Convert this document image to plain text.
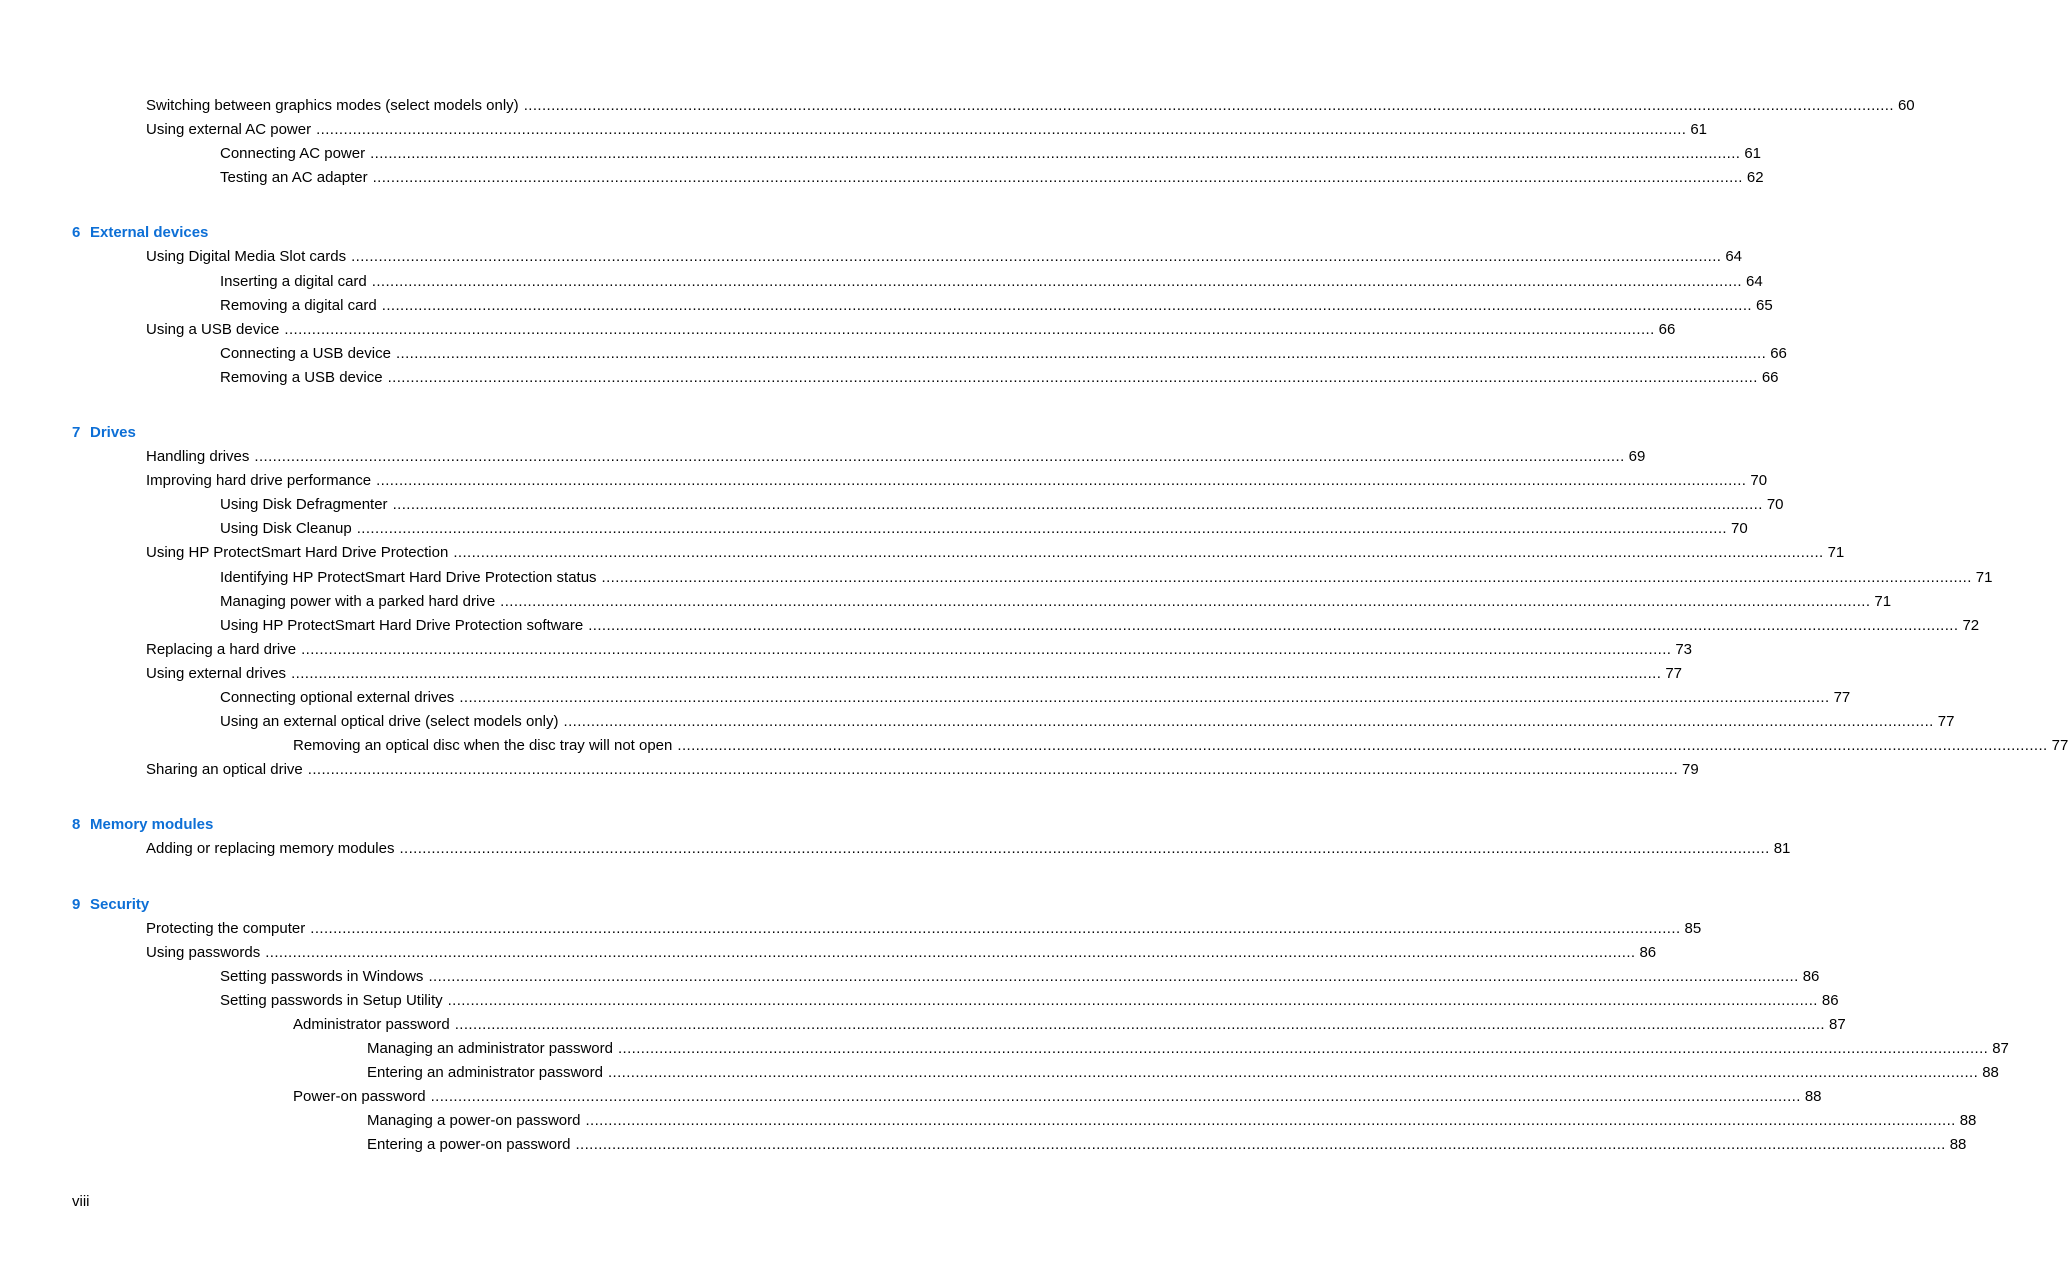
Switching between graphics modes (select models only) ............................................................................................................................................................................................................................................................................................................ 60
Using external AC power ............................................................................................................................................................................................................................................................................................................ 61
Connecting AC power ............................................................................................................................................................................................................................................................................................................ 61
Testing an AC adapter ............................................................................................................................................................................................................................................................................................................ 62
6 External devices
Using Digital Media Slot cards ............................................................................................................................................................................................................................................................................................................ 64
Inserting a digital card ............................................................................................................................................................................................................................................................................................................ 64
Removing a digital card ............................................................................................................................................................................................................................................................................................................ 65
Using a USB device ............................................................................................................................................................................................................................................................................................................ 66
Connecting a USB device ............................................................................................................................................................................................................................................................................................................ 66
Removing a USB device ............................................................................................................................................................................................................................................................................................................ 66
7 Drives
Handling drives ............................................................................................................................................................................................................................................................................................................ 69
Improving hard drive performance ............................................................................................................................................................................................................................................................................................................ 70
Using Disk Defragmenter ............................................................................................................................................................................................................................................................................................................ 70
Using Disk Cleanup ............................................................................................................................................................................................................................................................................................................ 70
Using HP ProtectSmart Hard Drive Protection ............................................................................................................................................................................................................................................................................................................ 71
Identifying HP ProtectSmart Hard Drive Protection status ............................................................................................................................................................................................................................................................................................................ 71
Managing power with a parked hard drive ............................................................................................................................................................................................................................................................................................................ 71
Using HP ProtectSmart Hard Drive Protection software ............................................................................................................................................................................................................................................................................................................ 72
Replacing a hard drive ............................................................................................................................................................................................................................................................................................................ 73
Using external drives ............................................................................................................................................................................................................................................................................................................ 77
Connecting optional external drives ............................................................................................................................................................................................................................................................................................................ 77
Using an external optical drive (select models only) ............................................................................................................................................................................................................................................................................................................ 77
Removing an optical disc when the disc tray will not open ............................................................................................................................................................................................................................................................................................................ 77
Sharing an optical drive ............................................................................................................................................................................................................................................................................................................ 79
8 Memory modules
Adding or replacing memory modules ............................................................................................................................................................................................................................................................................................................ 81
9 Security
Protecting the computer ............................................................................................................................................................................................................................................................................................................ 85
Using passwords ............................................................................................................................................................................................................................................................................................................ 86
Setting passwords in Windows ............................................................................................................................................................................................................................................................................................................ 86
Setting passwords in Setup Utility ............................................................................................................................................................................................................................................................................................................ 86
Administrator password ............................................................................................................................................................................................................................................................................................................ 87
Managing an administrator password ............................................................................................................................................................................................................................................................................................................ 87
Entering an administrator password ............................................................................................................................................................................................................................................................................................................ 88
Power-on password ............................................................................................................................................................................................................................................................................................................ 88
Managing a power-on password ............................................................................................................................................................................................................................................................................................................ 88
Entering a power-on password ............................................................................................................................................................................................................................................................................................................ 88
viii
